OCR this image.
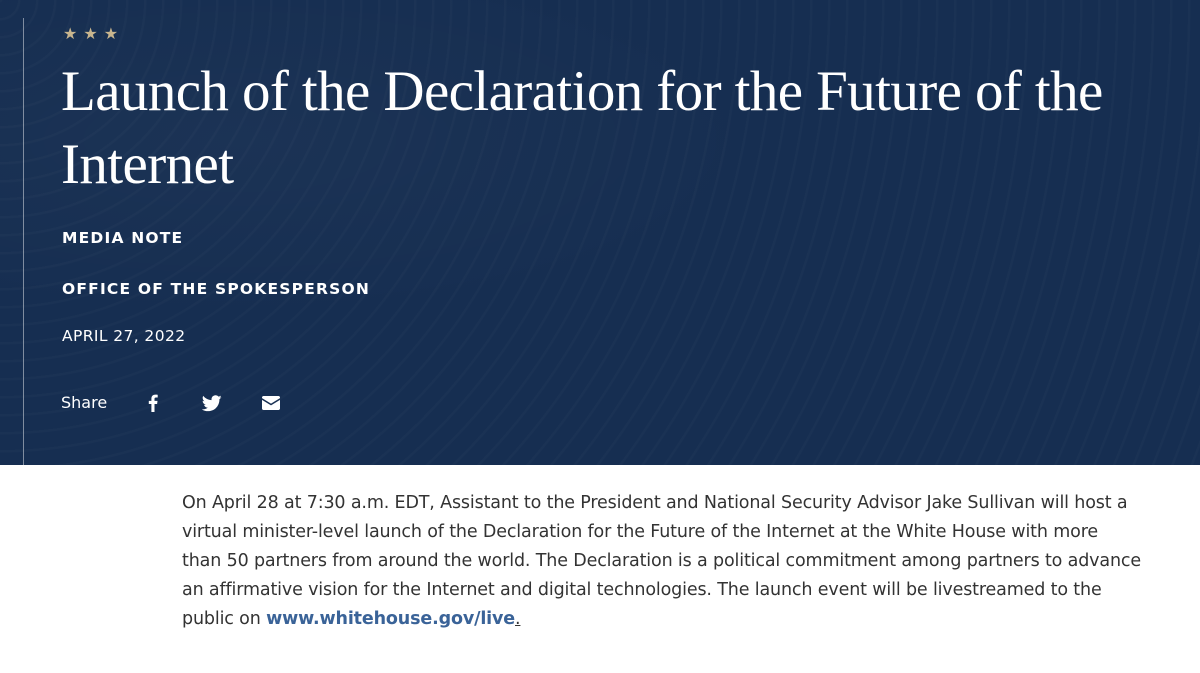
★ ★ ★
Launch of the Declaration for the Future of the Internet
MEDIA NOTE
OFFICE OF THE SPOKESPERSON
APRIL 27, 2022
Share

On April 28 at 7:30 a.m. EDT, Assistant to the President and National Security Advisor Jake Sullivan will host a virtual minister-level launch of the Declaration for the Future of the Internet at the White House with more than 50 partners from around the world. The Declaration is a political commitment among partners to advance an affirmative vision for the Internet and digital technologies. The launch event will be livestreamed to the public on www.whitehouse.gov/live.
